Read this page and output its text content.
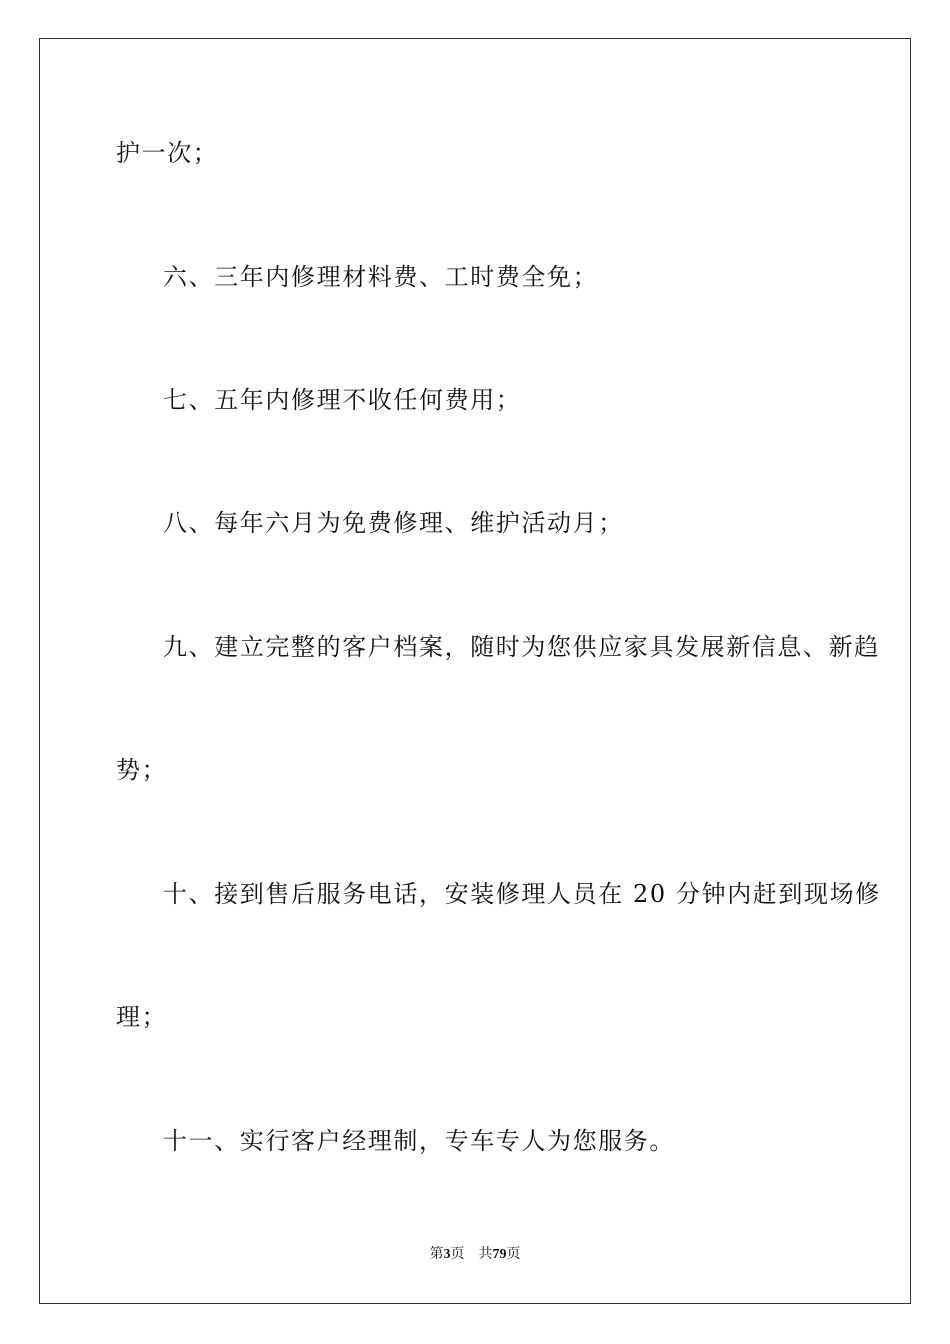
护一次；
六、三年内修理材料费、工时费全免；
七、五年内修理不收任何费用；
八、每年六月为免费修理、维护活动月；
九、建立完整的客户档案，随时为您供应家具发展新信息、新趋
势；
十、接到售后服务电话，安装修理人员在 20 分钟内赶到现场修
理；
十一、实行客户经理制，专车专人为您服务。
第3页 共79页
